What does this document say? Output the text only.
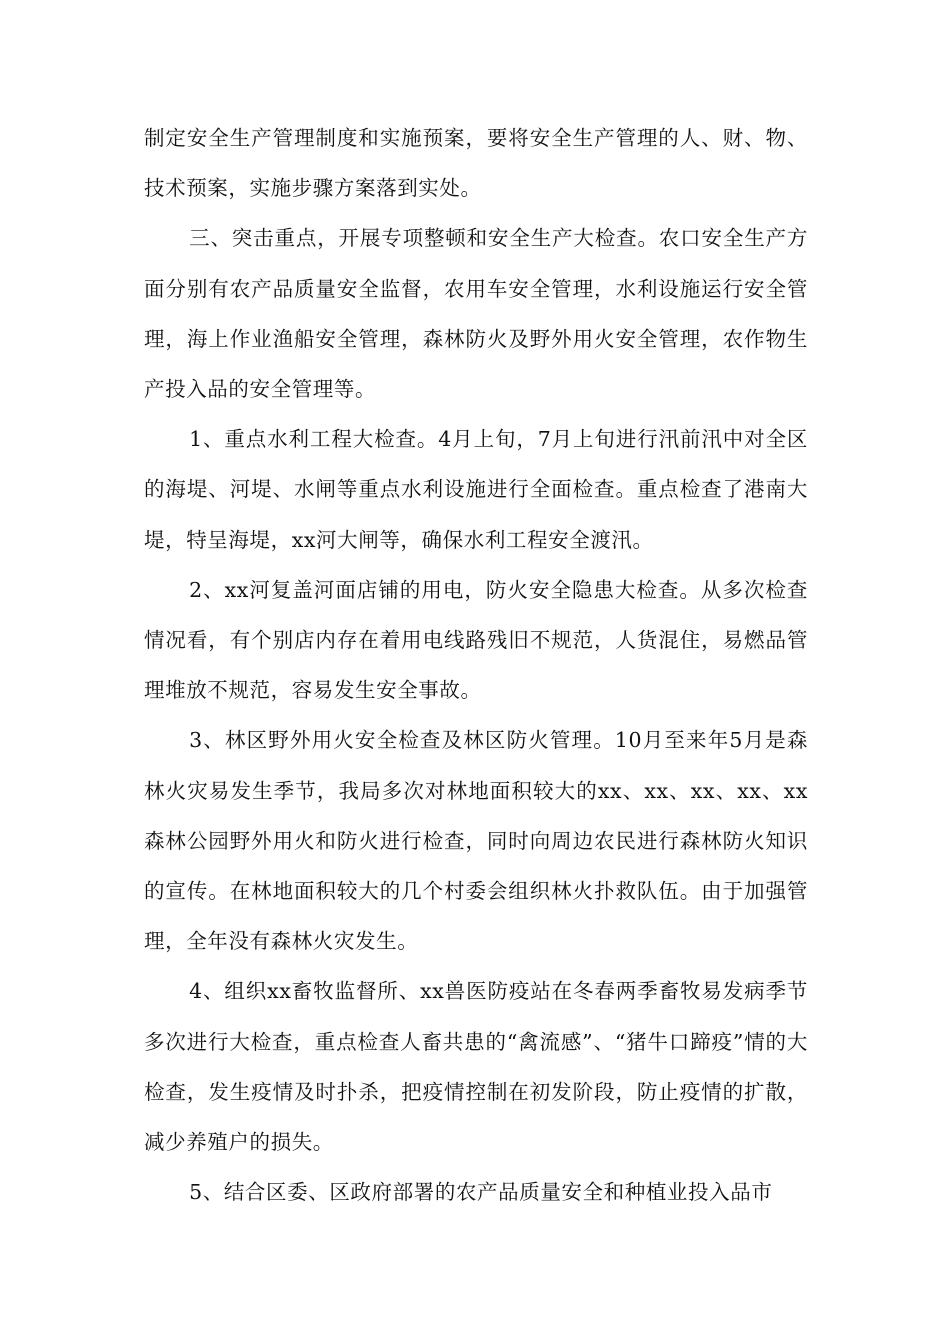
制定安全生产管理制度和实施预案，要将安全生产管理的人、财、物、技术预案，实施步骤方案落到实处。

三、突击重点，开展专项整顿和安全生产大检查。农口安全生产方面分别有农产品质量安全监督，农用车安全管理，水利设施运行安全管理，海上作业渔船安全管理，森林防火及野外用火安全管理，农作物生产投入品的安全管理等。

1、重点水利工程大检查。4月上旬，7月上旬进行汛前汛中对全区的海堤、河堤、水闸等重点水利设施进行全面检查。重点检查了港南大堤，特呈海堤，xx河大闸等，确保水利工程安全渡汛。

2、xx河复盖河面店铺的用电，防火安全隐患大检查。从多次检查情况看，有个别店内存在着用电线路残旧不规范，人货混住，易燃品管理堆放不规范，容易发生安全事故。

3、林区野外用火安全检查及林区防火管理。10月至来年5月是森林火灾易发生季节，我局多次对林地面积较大的xx、xx、xx、xx、xx森林公园野外用火和防火进行检查，同时向周边农民进行森林防火知识的宣传。在林地面积较大的几个村委会组织林火扑救队伍。由于加强管理，全年没有森林火灾发生。

4、组织xx畜牧监督所、xx兽医防疫站在冬春两季畜牧易发病季节多次进行大检查，重点检查人畜共患的“禽流感”、“猪牛口蹄疫”情的大检查，发生疫情及时扑杀，把疫情控制在初发阶段，防止疫情的扩散，减少养殖户的损失。

5、结合区委、区政府部署的农产品质量安全和种植业投入品市
